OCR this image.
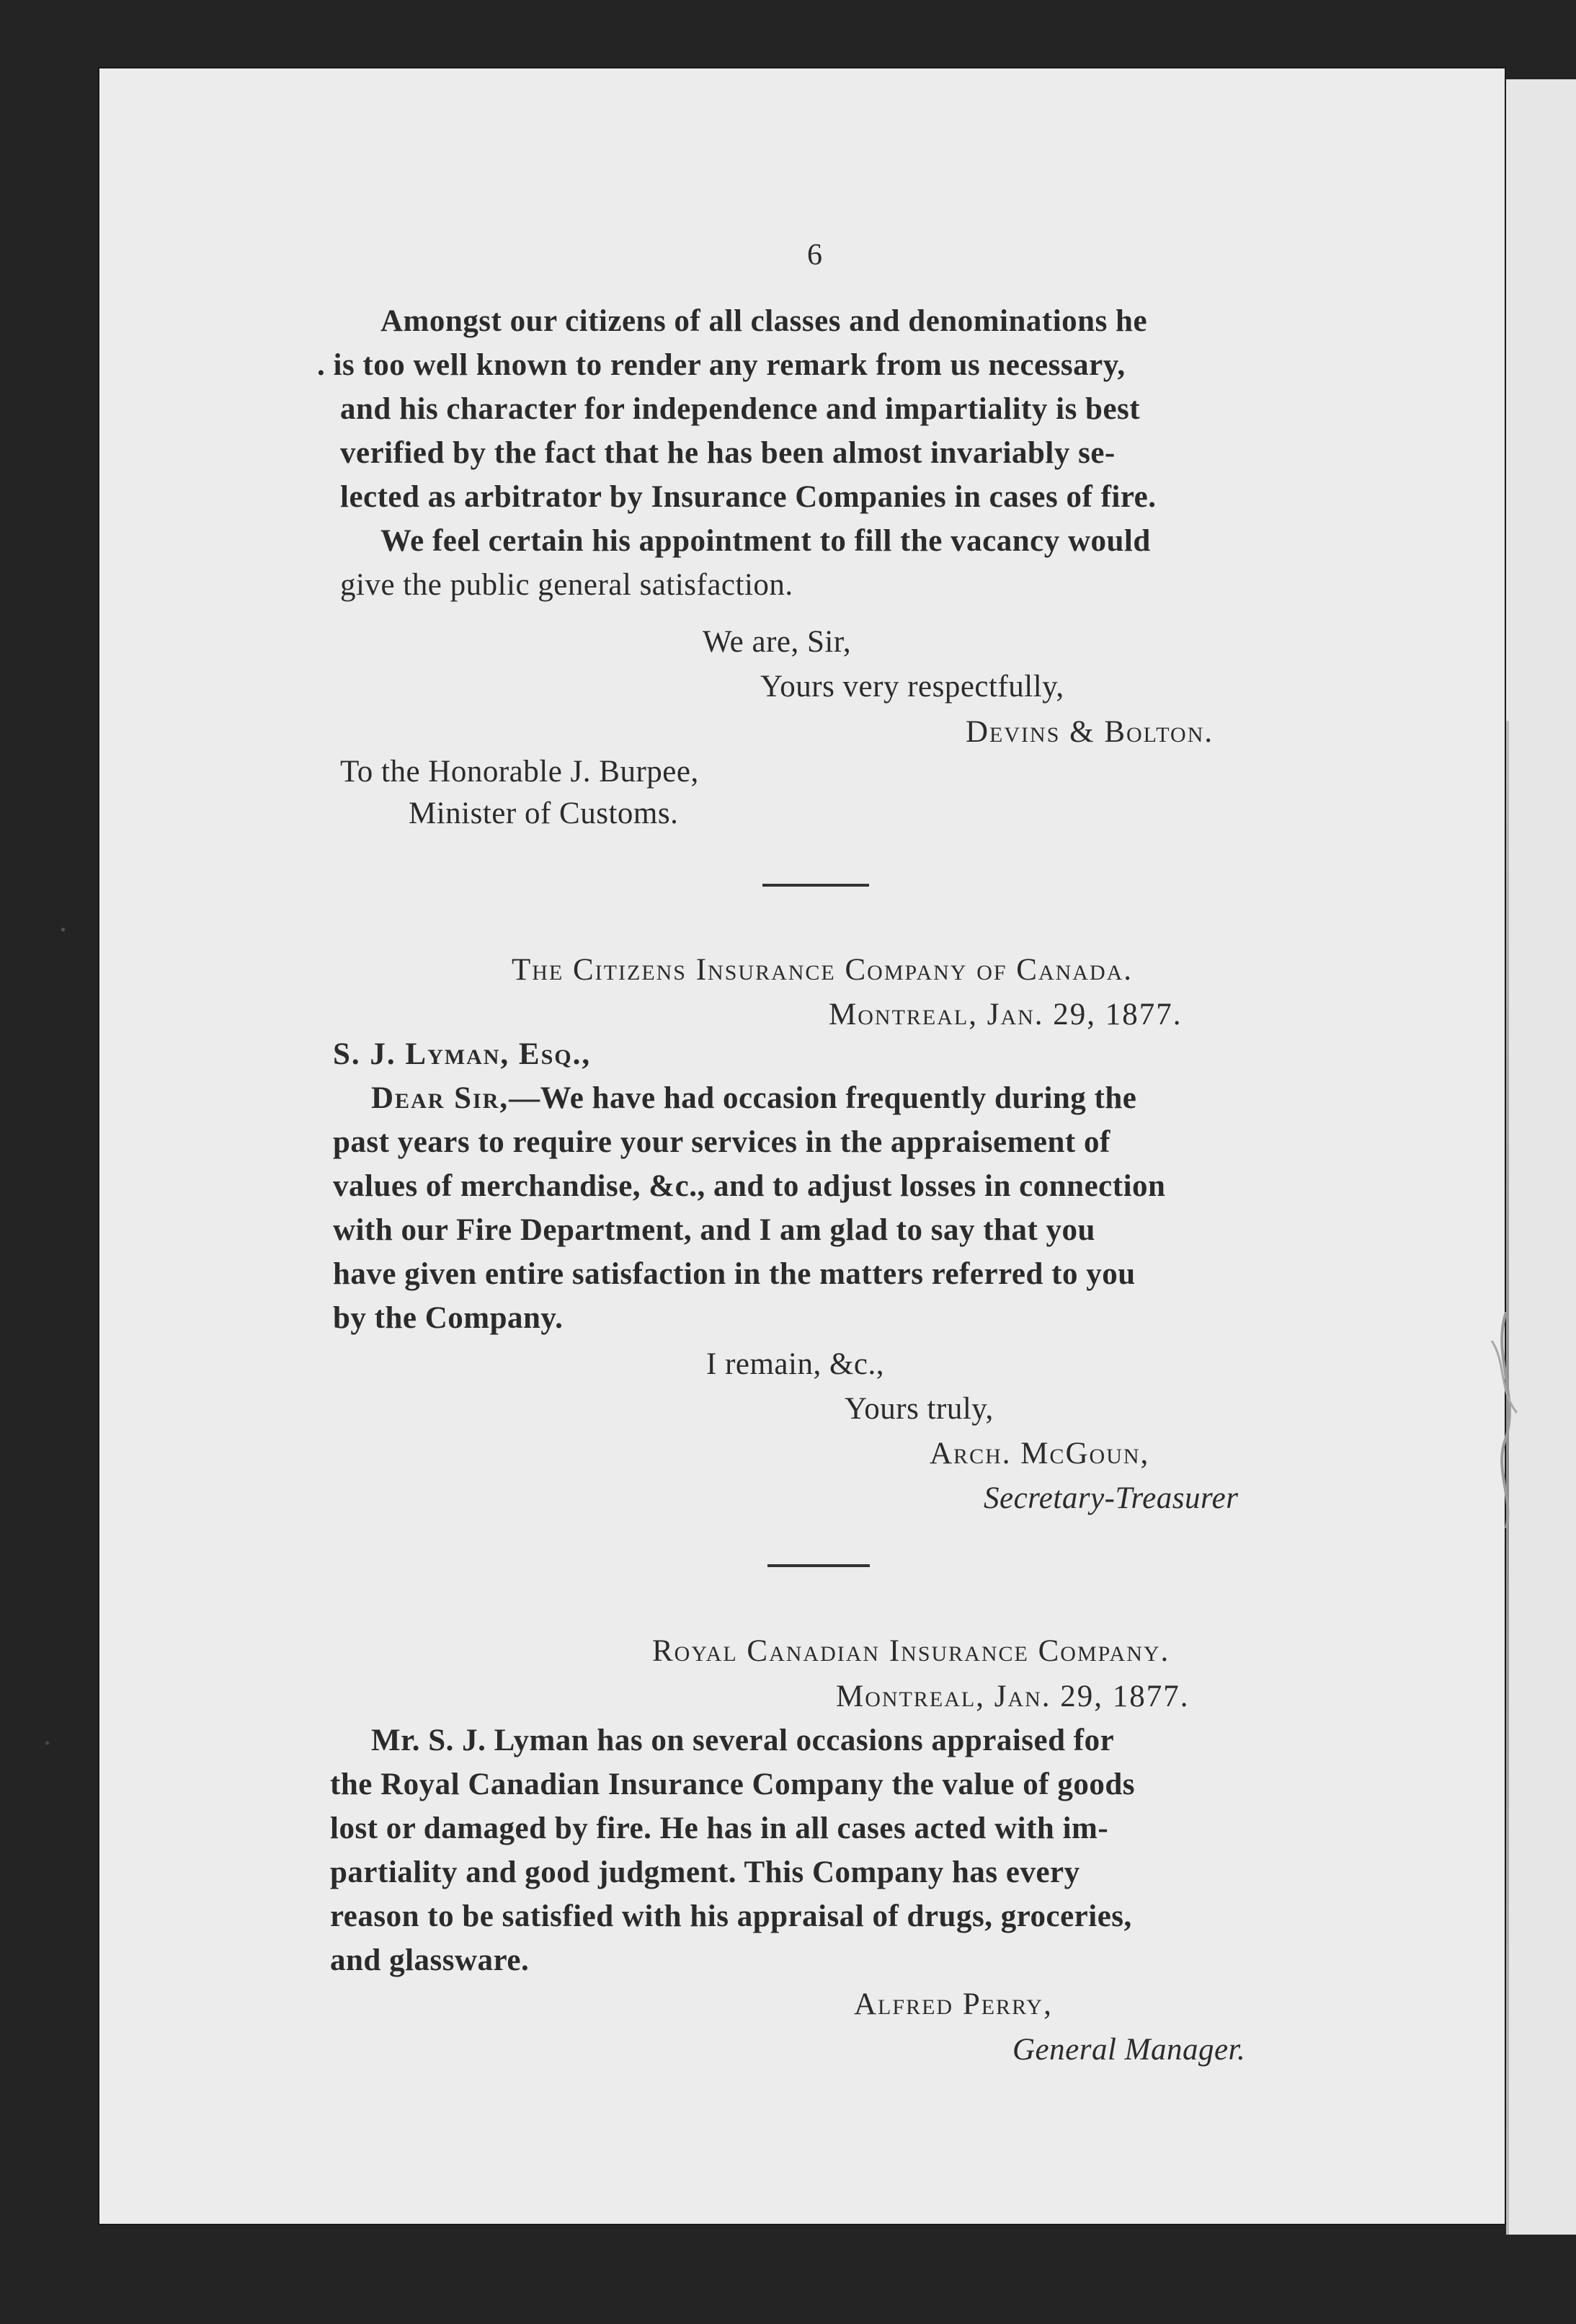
6
Amongst our citizens of all classes and denominations he
. is too well known to render any remark from us necessary,
and his character for independence and impartiality is best
verified by the fact that he has been almost invariably se-
lected as arbitrator by Insurance Companies in cases of fire.
We feel certain his appointment to fill the vacancy would
give the public general satisfaction.
We are, Sir,
Yours very respectfully,
Devins & Bolton.
To the Honorable J. Burpee,
Minister of Customs.
The Citizens Insurance Company of Canada.
Montreal, Jan. 29, 1877.
S. J. Lyman, Esq.,
Dear Sir,—We have had occasion frequently during the
past years to require your services in the appraisement of
values of merchandise, &c., and to adjust losses in connection
with our Fire Department, and I am glad to say that you
have given entire satisfaction in the matters referred to you
by the Company.
I remain, &c.,
Yours truly,
Arch. McGoun,
Secretary-Treasurer
Royal Canadian Insurance Company.
Montreal, Jan. 29, 1877.
Mr. S. J. Lyman has on several occasions appraised for
the Royal Canadian Insurance Company the value of goods
lost or damaged by fire. He has in all cases acted with im-
partiality and good judgment. This Company has every
reason to be satisfied with his appraisal of drugs, groceries,
and glassware.
Alfred Perry,
General Manager.
